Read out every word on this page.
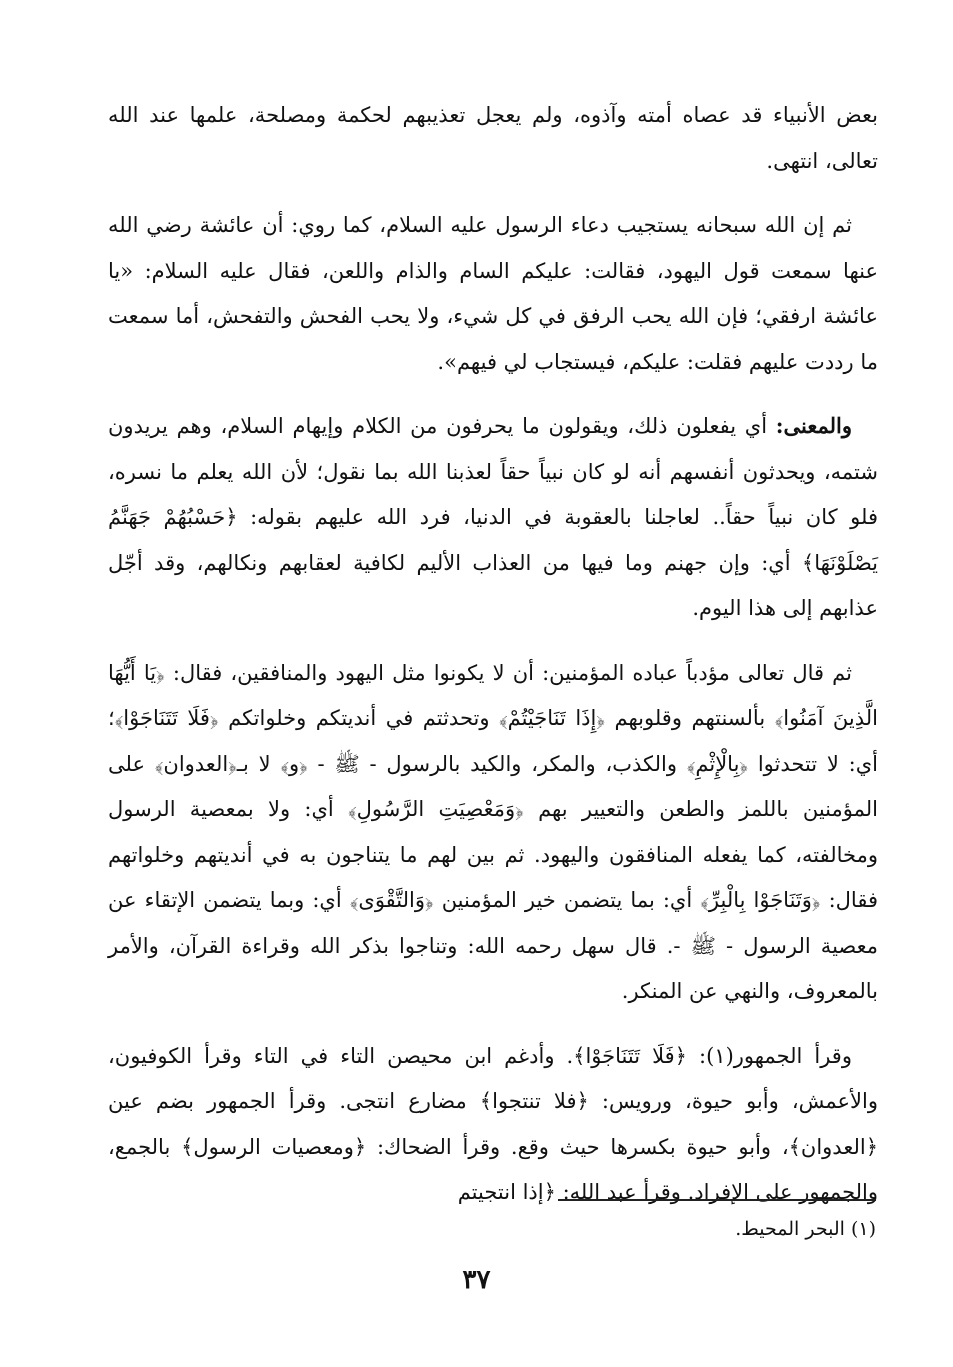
بعض الأنبياء قد عصاه أمته وآذوه، ولم يعجل تعذيبهم لحكمة ومصلحة، علمها عند الله تعالى، انتهى.

ثم إن الله سبحانه يستجيب دعاء الرسول عليه السلام، كما روي: أن عائشة رضي الله عنها سمعت قول اليهود، فقالت: عليكم السام والذام واللعن، فقال عليه السلام: «يا عائشة ارفقي؛ فإن الله يحب الرفق في كل شيء، ولا يحب الفحش والتفحش، أما سمعت ما رددت عليهم فقلت: عليكم، فيستجاب لي فيهم».

والمعنى: أي يفعلون ذلك، ويقولون ما يحرفون من الكلام وإيهام السلام، وهم يريدون شتمه، ويحدثون أنفسهم أنه لو كان نبياً حقاً لعذبنا الله بما نقول؛ لأن الله يعلم ما نسره، فلو كان نبياً حقاً.. لعاجلنا بالعقوبة في الدنيا، فرد الله عليهم بقوله: ﴿حَسْبُهُمْ جَهَنَّمُ يَصْلَوْنَهَا﴾ أي: وإن جهنم وما فيها من العذاب الأليم لكافية لعقابهم ونكالهم، وقد أجّل عذابهم إلى هذا اليوم.

ثم قال تعالى مؤدباً عباده المؤمنين: أن لا يكونوا مثل اليهود والمنافقين، فقال: ﴿يَا أَيُّهَا الَّذِينَ آمَنُوا﴾ بألسنتهم وقلوبهم ﴿إِذَا تَنَاجَيْتُمْ﴾ وتحدثتم في أنديتكم وخلواتكم ﴿فَلَا تَتَنَاجَوْا﴾؛ أي: لا تتحدثوا ﴿بِالْإِثْمِ﴾ والكذب، والمكر، والكيد بالرسول - ﷺ - ﴿و﴾ لا بـ﴿العدوان﴾ على المؤمنين باللمز والطعن والتعيير بهم ﴿وَمَعْصِيَتِ الرَّسُولِ﴾ أي: ولا بمعصية الرسول ومخالفته، كما يفعله المنافقون واليهود. ثم بين لهم ما يتناجون به في أنديتهم وخلواتهم فقال: ﴿وَتَنَاجَوْا بِالْبِرِّ﴾ أي: بما يتضمن خير المؤمنين ﴿وَالتَّقْوَى﴾ أي: وبما يتضمن الإتقاء عن معصية الرسول - ﷺ -. قال سهل رحمه الله: وتناجوا بذكر الله وقراءة القرآن، والأمر بالمعروف، والنهي عن المنكر.

وقرأ الجمهور(١): ﴿فَلَا تَتَنَاجَوْا﴾. وأدغم ابن محيصن التاء في التاء وقرأ الكوفيون، والأعمش، وأبو حيوة، ورويس: ﴿فلا تنتجوا﴾ مضارع انتجى. وقرأ الجمهور بضم عين ﴿العدوان﴾، وأبو حيوة بكسرها حيث وقع. وقرأ الضحاك: ﴿ومعصيات الرسول﴾ بالجمع، والجمهور على الإفراد. وقرأ عبد الله: ﴿إذا انتجيتم

(١) البحر المحيط.
٣٧
